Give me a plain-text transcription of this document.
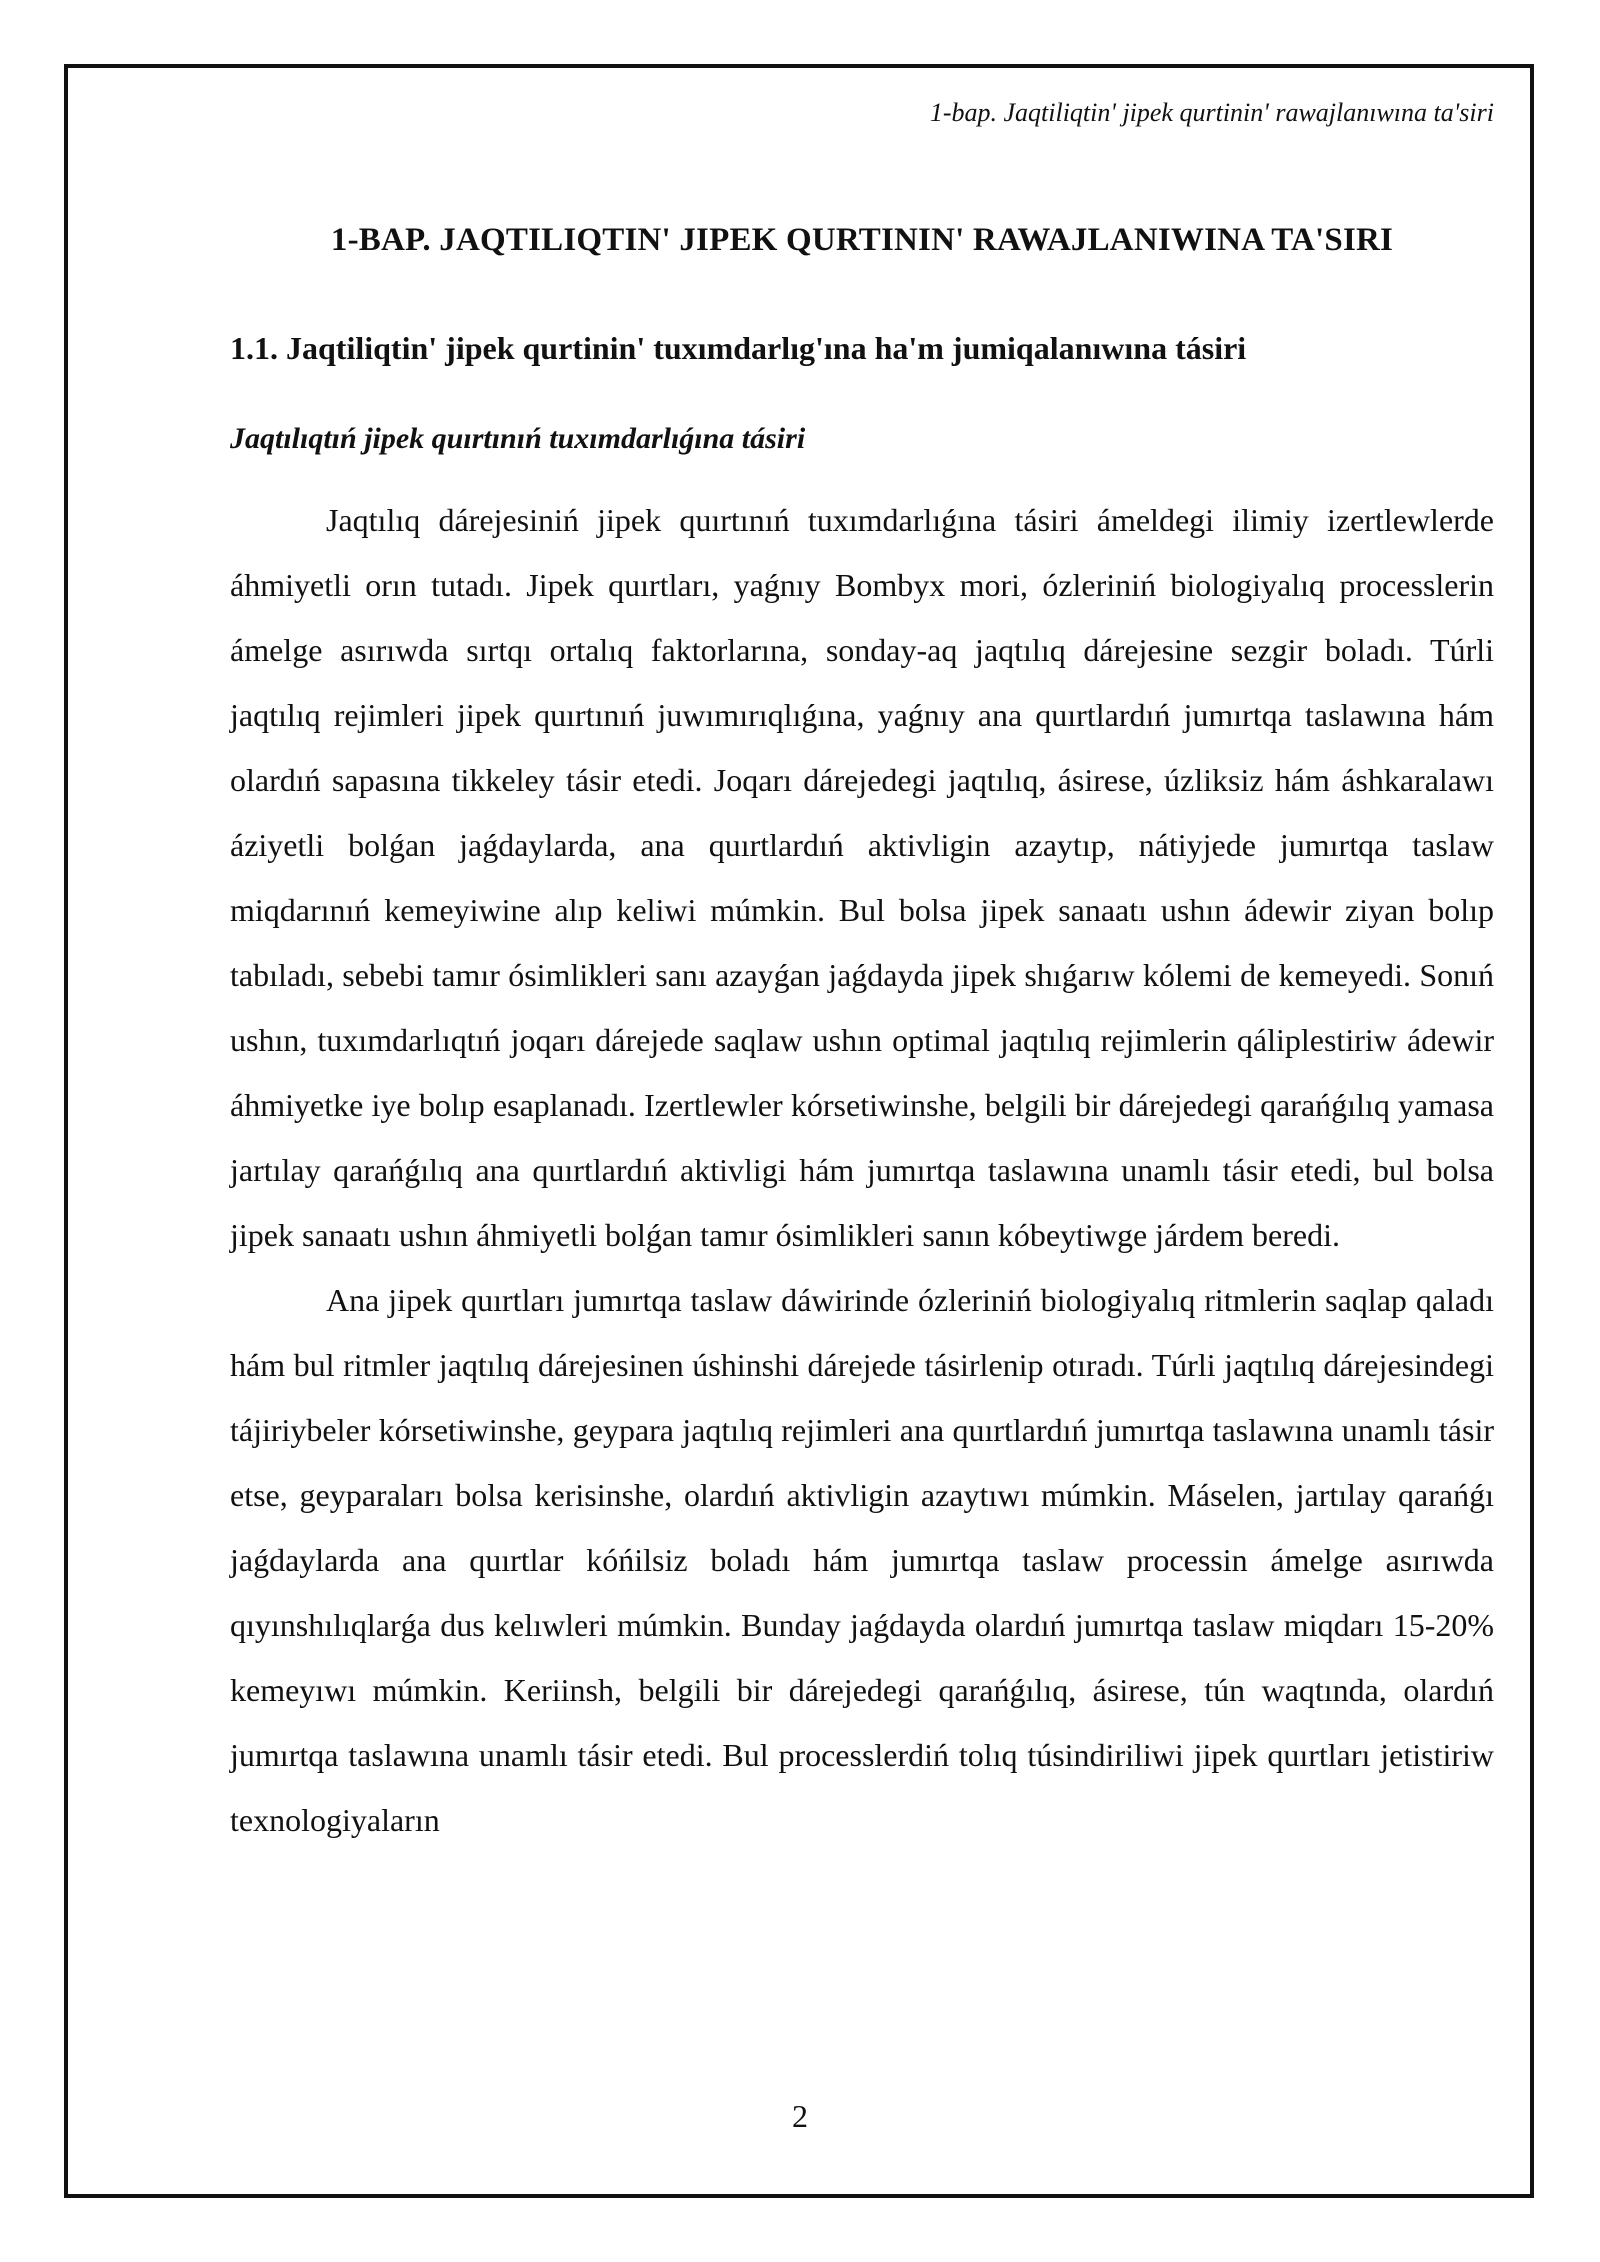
1-bap. Jaqtiliqtin' jipek qurtinin' rawajlanıwına ta'siri
1-BAP. JAQTILIQTIN' JIPEK QURTININ' RAWAJLANIWINA TA'SIRI
1.1. Jaqtiliqtin' jipek qurtinin' tuxımdarlıg'ına ha'm jumiqalanıwına tásiri
Jaqtılıqtıń jipek quırtınıń tuxımdarlıǵına tásiri

Jaqtılıq dárejesiniń jipek quırtınıń tuxımdarlıǵına tásiri ámeldegi ilimiy izertlewlerde áhmiyetli orın tutadı. Jipek quırtları, yaǵnıy Bombyx mori, ózleriniń biologiyalıq processlerin ámelge asırıwda sırtqı ortalıq faktorlarına, sonday-aq jaqtılıq dárejesine sezgir boladı. Túrli jaqtılıq rejimleri jipek quırtınıń juwımırıqlıǵına, yaǵnıy ana quırtlardıń jumırtqa taslawına hám olardıń sapasına tikkeley tásir etedi. Joqarı dárejedegi jaqtılıq, ásirese, úzliksiz hám áshkaralawı áziyetli bolǵan jaǵdaylarda, ana quırtlardıń aktivligin azaytıp, nátiyjede jumırtqa taslaw miqdarınıń kemeyiwine alıp keliwi múmkin. Bul bolsa jipek sanaatı ushın ádewir ziyan bolıp tabıladı, sebebi tamır ósimlikleri sanı azayǵan jaǵdayda jipek shıǵarıw kólemi de kemeyedi. Sonıń ushın, tuxımdarlıqtıń joqarı dárejede saqlaw ushın optimal jaqtılıq rejimlerin qáliplestiriw ádewir áhmiyetke iye bolıp esaplanadı. Izertlewler kórsetiwinshe, belgili bir dárejedegi qarańǵılıq yamasa jartılay qarańǵılıq ana quırtlardıń aktivligi hám jumırtqa taslawına unamlı tásir etedi, bul bolsa jipek sanaatı ushın áhmiyetli bolǵan tamır ósimlikleri sanın kóbeytiwge járdem beredi.

Ana jipek quırtları jumırtqa taslaw dáwirinde ózleriniń biologiyalıq ritmlerin saqlap qaladı hám bul ritmler jaqtılıq dárejesinen úshinshi dárejede tásirlenip otıradı. Túrli jaqtılıq dárejesindegi tájiriybeler kórsetiwinshe, geypara jaqtılıq rejimleri ana quırtlardıń jumırtqa taslawına unamlı tásir etse, geyparaları bolsa kerisinshe, olardıń aktivligin azaytıwı múmkin. Máselen, jartılay qarańǵı jaǵdaylarda ana quırtlar kóńilsiz boladı hám jumırtqa taslaw processin ámelge asırıwda qıyınshılıqlarǵa dus kelıwleri múmkin. Bunday jaǵdayda olardıń jumırtqa taslaw miqdarı 15-20% kemeyıwı múmkin. Keriinsh, belgili bir dárejedegi qarańǵılıq, ásirese, tún waqtında, olardıń jumırtqa taslawına unamlı tásir etedi. Bul processlerdiń tolıq túsindiriliwi jipek quırtları jetistiriw texnologiyaların

2
